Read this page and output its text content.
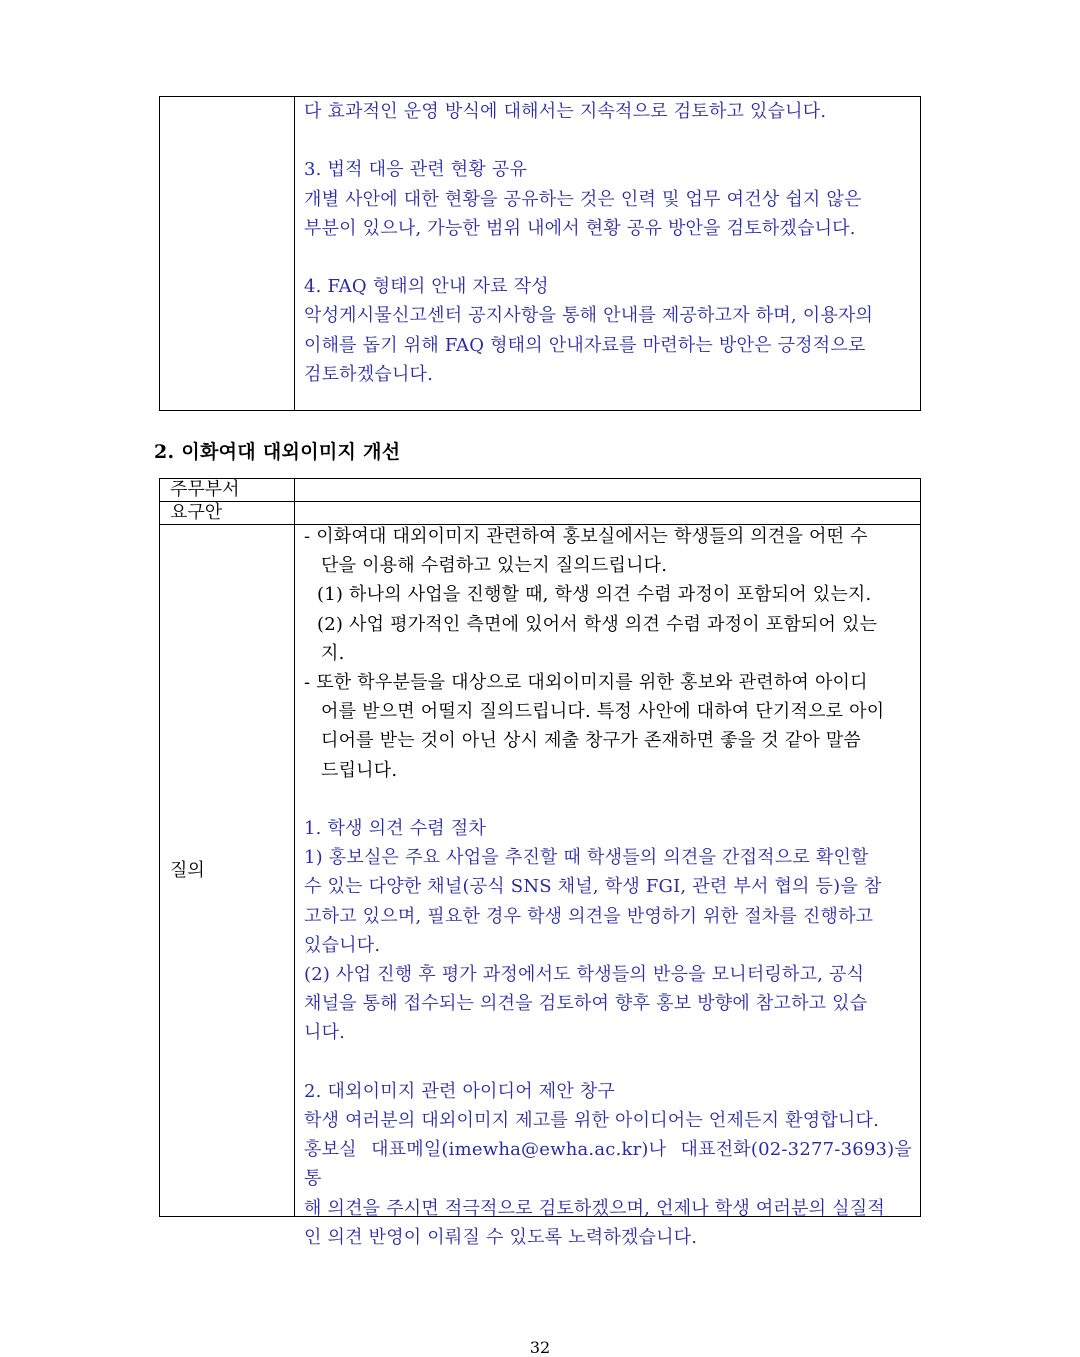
다 효과적인 운영 방식에 대해서는 지속적으로 검토하고 있습니다.
3. 법적 대응 관련 현황 공유
개별 사안에 대한 현황을 공유하는 것은 인력 및 업무 여건상 쉽지 않은
부분이 있으나, 가능한 범위 내에서 현황 공유 방안을 검토하겠습니다.
4. FAQ 형태의 안내 자료 작성
악성게시물신고센터 공지사항을 통해 안내를 제공하고자 하며, 이용자의
이해를 돕기 위해 FAQ 형태의 안내자료를 마련하는 방안은 긍정적으로
검토하겠습니다.
2. 이화여대 대외이미지 개선
주무부서
요구안
질의
- 이화여대 대외이미지 관련하여 홍보실에서는 학생들의 의견을 어떤 수
단을 이용해 수렴하고 있는지 질의드립니다.
(1) 하나의 사업을 진행할 때, 학생 의견 수렴 과정이 포함되어 있는지.
(2) 사업 평가적인 측면에 있어서 학생 의견 수렴 과정이 포함되어 있는
지.
- 또한 학우분들을 대상으로 대외이미지를 위한 홍보와 관련하여 아이디
어를 받으면 어떨지 질의드립니다. 특정 사안에 대하여 단기적으로 아이
디어를 받는 것이 아닌 상시 제출 창구가 존재하면 좋을 것 같아 말씀
드립니다.
1. 학생 의견 수렴 절차
1) 홍보실은 주요 사업을 추진할 때 학생들의 의견을 간접적으로 확인할
수 있는 다양한 채널(공식 SNS 채널, 학생 FGI, 관련 부서 협의 등)을 참
고하고 있으며, 필요한 경우 학생 의견을 반영하기 위한 절차를 진행하고
있습니다.
(2) 사업 진행 후 평가 과정에서도 학생들의 반응을 모니터링하고, 공식
채널을 통해 접수되는 의견을 검토하여 향후 홍보 방향에 참고하고 있습
니다.
2. 대외이미지 관련 아이디어 제안 창구
학생 여러분의 대외이미지 제고를 위한 아이디어는 언제든지 환영합니다.
홍보실 대표메일(imewha@ewha.ac.kr)나 대표전화(02-3277-3693)을 통
해 의견을 주시면 적극적으로 검토하겠으며, 언제나 학생 여러분의 실질적
인 의견 반영이 이뤄질 수 있도록 노력하겠습니다.
32
